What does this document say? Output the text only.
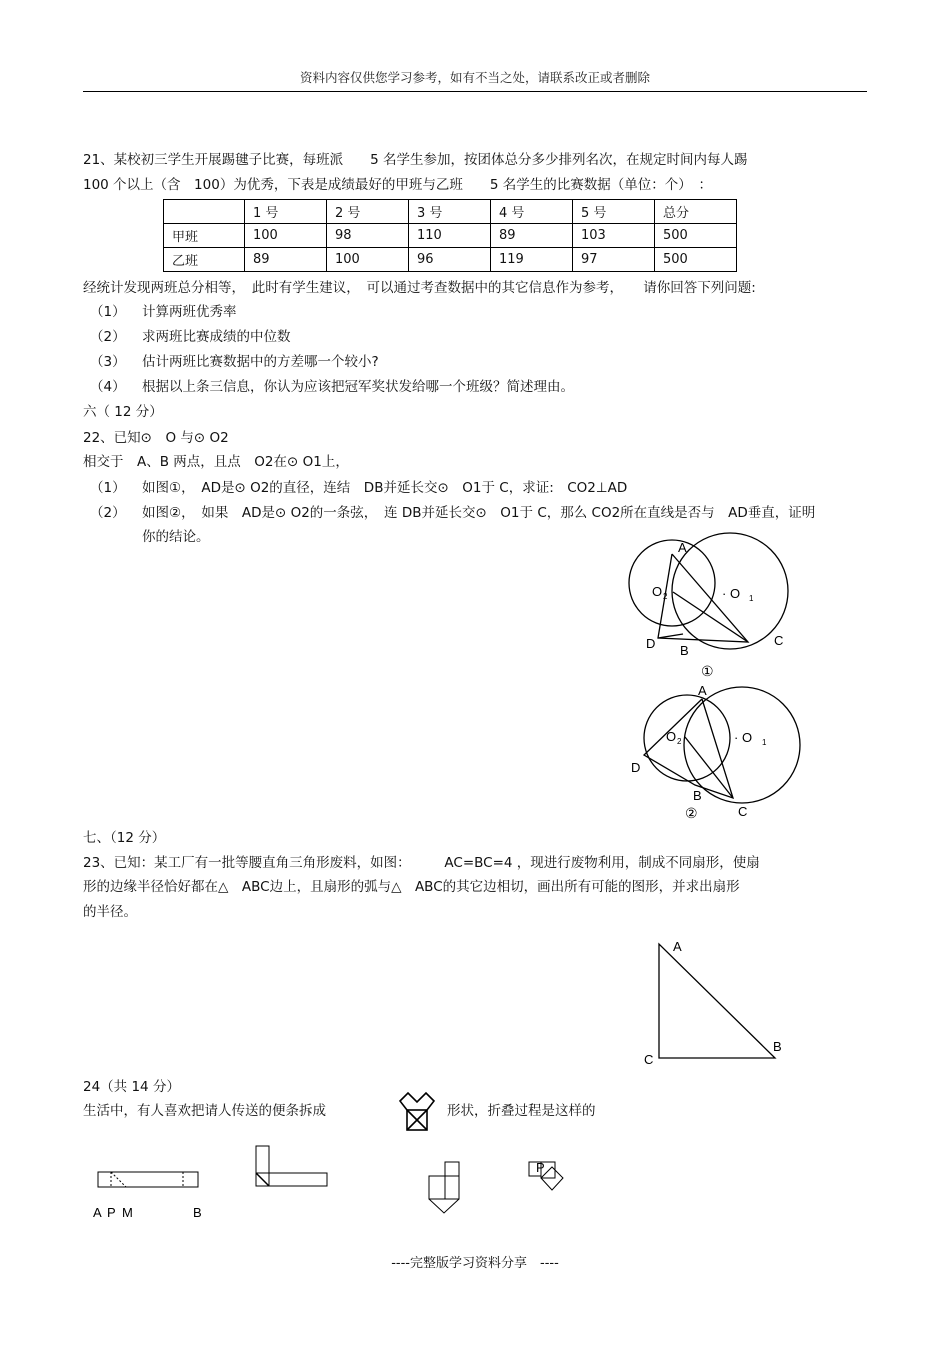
资料内容仅供您学习参考，如有不当之处，请联系改正或者删除
21、某校初三学生开展踢毽子比赛，每班派　　5 名学生参加，按团体总分多少排列名次，在规定时间内每人踢
100 个以上（含　100）为优秀，下表是成绩最好的甲班与乙班　　5 名学生的比赛数据（单位：个）　：
	1 号	2 号	3 号	4 号	5 号	总分
甲班	100	98	110	89	103	500
乙班	89	100	96	119	97	500
经统计发现两班总分相等，　此时有学生建议，　可以通过考查数据中的其它信息作为参考，　　请你回答下列问题:
（1） 计算两班优秀率
（2） 求两班比赛成绩的中位数
（3） 估计两班比赛数据中的方差哪一个较小?
（4） 根据以上条三信息，你认为应该把冠军奖状发给哪一个班级？简述理由。
六（ 12 分）
22、已知⊙　O 与⊙ O2
相交于　A、B 两点，且点　O2在⊙ O1上，
（1） 如图①，　AD是⊙ O2的直径，连结　DB并延长交⊙　O1于 C，求证:　CO2⊥AD
（2） 如图②，　如果　AD是⊙ O2的一条弦，　连 DB并延长交⊙　O1于 C，那么 CO2所在直线是否与　AD垂直，证明
你的结论。
A
O 2	· O 1
D B
C
①
A
O 2	· O 1
D
B
C
②
七、（12 分）
23、已知：某工厂有一批等腰直角三角形废料，如图：　　　AC=BC=4 ，现进行废物利用，制成不同扇形，使扇
形的边缘半径恰好都在△　ABC边上，且扇形的弧与△　ABC的其它边相切，画出所有可能的图形，并求出扇形
的半径。
A
C
B
24（共 14 分）
生活中，有人喜欢把请人传送的便条拆成	形状，折叠过程是这样的
A P M	B
P
----完整版学习资料分享　----
